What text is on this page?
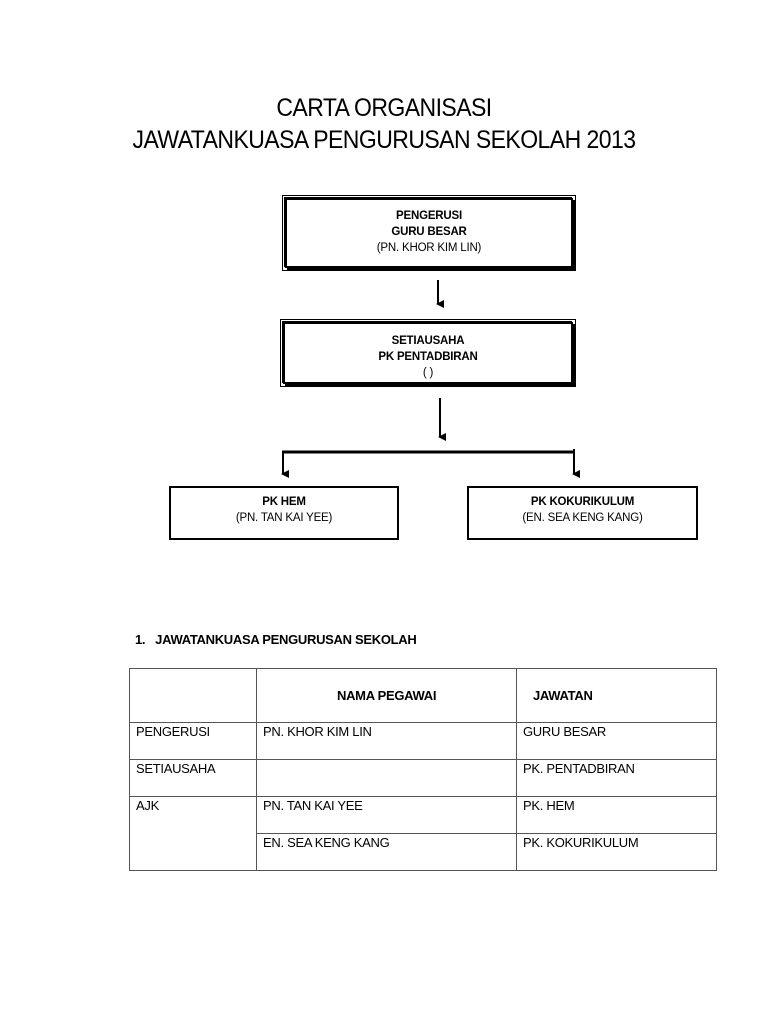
CARTA ORGANISASI
JAWATANKUASA PENGURUSAN SEKOLAH 2013
PENGERUSI
GURU BESAR
(PN. KHOR KIM LIN)
SETIAUSAHA
PK PENTADBIRAN
( )
PK HEM
(PN. TAN KAI YEE)
PK KOKURIKULUM
(EN. SEA KENG KANG)
1.   JAWATANKUASA PENGURUSAN SEKOLAH
	NAMA PEGAWAI	JAWATAN
PENGERUSI	PN. KHOR KIM LIN	GURU BESAR
SETIAUSAHA		PK. PENTADBIRAN
AJK	PN. TAN KAI YEE	PK. HEM
	EN. SEA KENG KANG	PK. KOKURIKULUM
